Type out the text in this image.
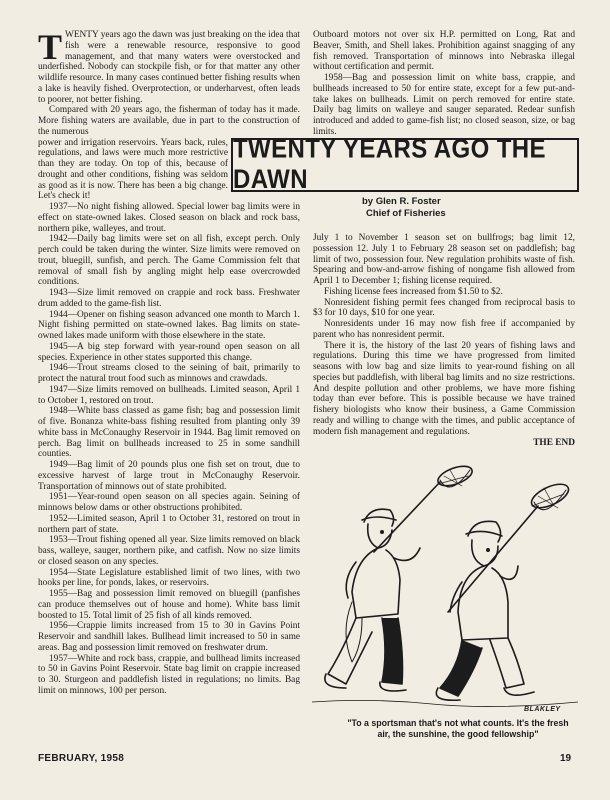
TWENTY years ago the dawn was just breaking on the idea that fish were a renewable resource, responsive to good management, and that many waters were overstocked and underfished. Nobody can stockpile fish, or for that matter any other wildlife resource. In many cases continued better fishing results when a lake is heavily fished. Overprotection, or underharvest, often leads to poorer, not better fishing.

Compared with 20 years ago, the fisherman of today has it made. More fishing waters are available, due in part to the construction of the numerous

power and irrigation reservoirs. Years back, rules, regulations, and laws were much more restrictive than they are today. On top of this, because of drought and other conditions, fishing was seldom as good as it is now. There has been a big change. Let's check it!

1937—No night fishing allowed. Special lower bag limits were in effect on state-owned lakes. Closed season on black and rock bass, northern pike, walleyes, and trout.

1942—Daily bag limits were set on all fish, except perch. Only perch could be taken during the winter. Size limits were removed on trout, bluegill, sunfish, and perch. The Game Commission felt that removal of small fish by angling might help ease overcrowded conditions.

1943—Size limit removed on crappie and rock bass. Freshwater drum added to the game-fish list.

1944—Opener on fishing season advanced one month to March 1. Night fishing permitted on state-owned lakes. Bag limits on state-owned lakes made uniform with those elsewhere in the state.

1945—A big step forward with year-round open season on all species. Experience in other states supported this change.

1946—Trout streams closed to the seining of bait, primarily to protect the natural trout food such as minnows and crawdads.

1947—Size limits removed on bullheads. Limited season, April 1 to October 1, restored on trout.

1948—White bass classed as game fish; bag and possession limit of five. Bonanza white-bass fishing resulted from planting only 39 white bass in McConaughy Reservoir in 1944. Bag limit removed on perch. Bag limit on bullheads increased to 25 in some sandhill counties.

1949—Bag limit of 20 pounds plus one fish set on trout, due to excessive harvest of large trout in McConaughy Reservoir. Transportation of minnows out of state prohibited.

1951—Year-round open season on all species again. Seining of minnows below dams or other obstructions prohibited.

1952—Limited season, April 1 to October 31, restored on trout in northern part of state.

1953—Trout fishing opened all year. Size limits removed on black bass, walleye, sauger, northern pike, and catfish. Now no size limits or closed season on any species.

1954—State Legislature established limit of two lines, with two hooks per line, for ponds, lakes, or reservoirs.

1955—Bag and possession limit removed on bluegill (panfishes can produce themselves out of house and home). White bass limit boosted to 15. Total limit of 25 fish of all kinds removed.

1956—Crappie limits increased from 15 to 30 in Gavins Point Reservoir and sandhill lakes. Bullhead limit increased to 50 in same areas. Bag and possession limit removed on freshwater drum.

1957—White and rock bass, crappie, and bullhead limits increased to 50 in Gavins Point Reservoir. State bag limit on crappie increased to 30. Sturgeon and paddlefish listed in regulations; no limits. Bag limit on minnows, 100 per person.

Outboard motors not over six H.P. permitted on Long, Rat and Beaver, Smith, and Shell lakes. Prohibition against snagging of any fish removed. Transportation of minnows into Nebraska illegal without certification and permit.

1958—Bag and possession limit on white bass, crappie, and bullheads increased to 50 for entire state, except for a few put-and-take lakes on bullheads. Limit on perch removed for entire state. Daily bag limits on walleye and sauger separated. Redear sunfish introduced and added to game-fish list; no closed season, size, or bag limits.

TWENTY YEARS AGO THE DAWN
by Glen R. Foster
Chief of Fisheries

July 1 to November 1 season set on bullfrogs; bag limit 12, possession 12. July 1 to February 28 season set on paddlefish; bag limit of two, possession four. New regulation prohibits waste of fish. Spearing and bow-and-arrow fishing of nongame fish allowed from April 1 to December 1; fishing license required.

Fishing license fees increased from $1.50 to $2.

Nonresident fishing permit fees changed from reciprocal basis to $3 for 10 days, $10 for one year.

Nonresidents under 16 may now fish free if accompanied by parent who has nonresident permit.

There it is, the history of the last 20 years of fishing laws and regulations. During this time we have progressed from limited seasons with low bag and size limits to year-round fishing on all species but paddlefish, with liberal bag limits and no size restrictions. And despite pollution and other problems, we have more fishing today than ever before. This is possible because we have trained fishery biologists who know their business, a Game Commission ready and willing to change with the times, and public acceptance of modern fish management and regulations.

THE END
BLAKLEY
"To a sportsman that's not what counts. It's the fresh air, the sunshine, the good fellowship"
FEBRUARY, 1958	19
